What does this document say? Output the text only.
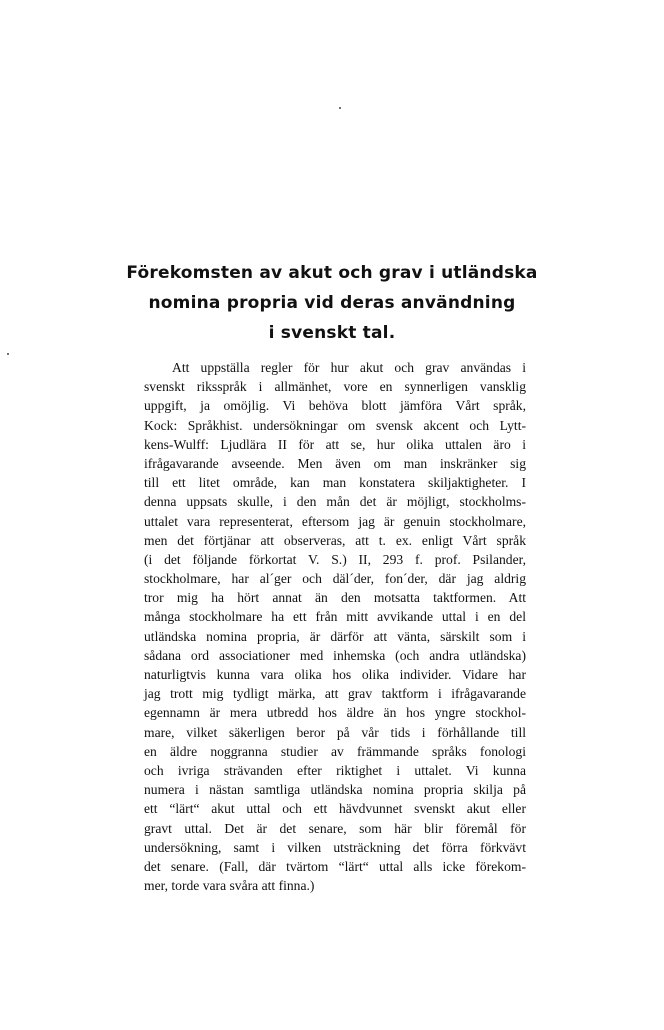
Förekomsten av akut och grav i utländska
nomina propria vid deras användning
i svenskt tal.
Att uppställa regler för hur akut och grav användas i
svenskt riksspråk i allmänhet, vore en synnerligen vansklig
uppgift, ja omöjlig. Vi behöva blott jämföra Vårt språk,
Kock: Språkhist. undersökningar om svensk akcent och Lytt-
kens-Wulff: Ljudlära II för att se, hur olika uttalen äro i
ifrågavarande avseende. Men även om man inskränker sig
till ett litet område, kan man konstatera skiljaktigheter. I
denna uppsats skulle, i den mån det är möjligt, stockholms-
uttalet vara representerat, eftersom jag är genuin stockholmare,
men det förtjänar att observeras, att t. ex. enligt Vårt språk
(i det följande förkortat V. S.) II, 293 f. prof. Psilander,
stockholmare, har al´ger och däl´der, fon´der, där jag aldrig
tror mig ha hört annat än den motsatta taktformen. Att
många stockholmare ha ett från mitt avvikande uttal i en del
utländska nomina propria, är därför att vänta, särskilt som i
sådana ord associationer med inhemska (och andra utländska)
naturligtvis kunna vara olika hos olika individer. Vidare har
jag trott mig tydligt märka, att grav taktform i ifrågavarande
egennamn är mera utbredd hos äldre än hos yngre stockhol-
mare, vilket säkerligen beror på vår tids i förhållande till
en äldre noggranna studier av främmande språks fonologi
och ivriga strävanden efter riktighet i uttalet. Vi kunna
numera i nästan samtliga utländska nomina propria skilja på
ett “lärt“ akut uttal och ett hävdvunnet svenskt akut eller
gravt uttal. Det är det senare, som här blir föremål för
undersökning, samt i vilken utsträckning det förra förkvävt
det senare. (Fall, där tvärtom “lärt“ uttal alls icke förekom-
mer, torde vara svåra att finna.)
